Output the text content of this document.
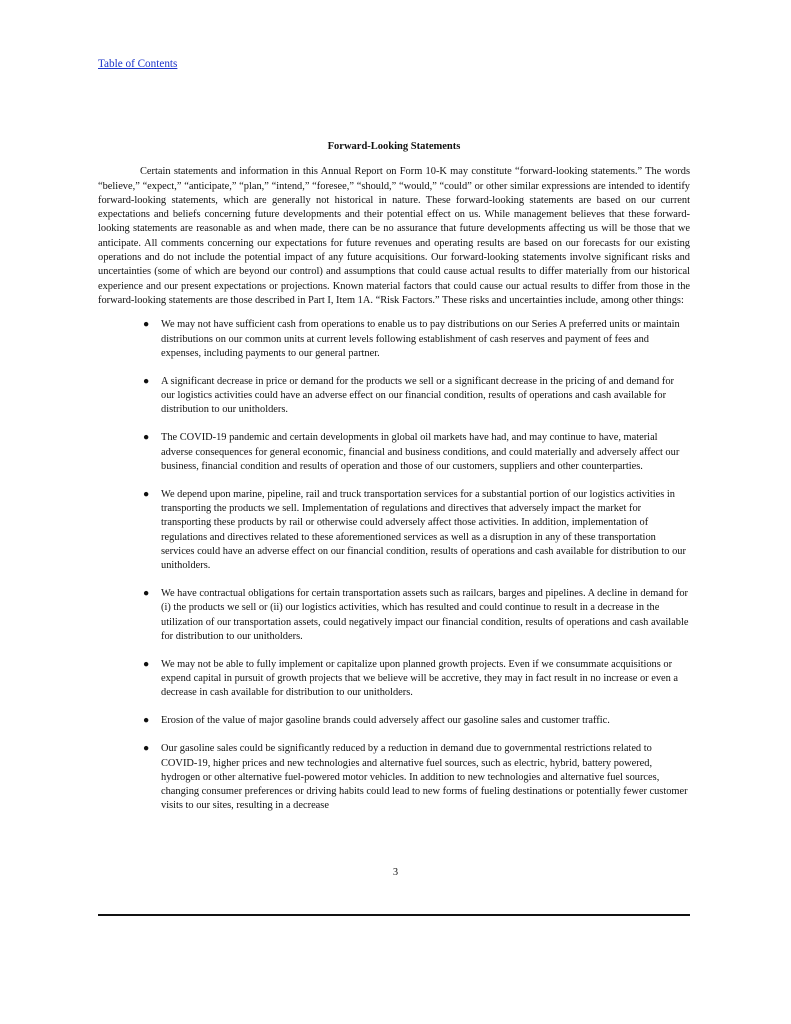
Table of Contents
Forward-Looking Statements

Certain statements and information in this Annual Report on Form 10-K may constitute “forward-looking statements.” The words “believe,” “expect,” “anticipate,” “plan,” “intend,” “foresee,” “should,” “would,” “could” or other similar expressions are intended to identify forward-looking statements, which are generally not historical in nature. These forward-looking statements are based on our current expectations and beliefs concerning future developments and their potential effect on us. While management believes that these forward-looking statements are reasonable as and when made, there can be no assurance that future developments affecting us will be those that we anticipate. All comments concerning our expectations for future revenues and operating results are based on our forecasts for our existing operations and do not include the potential impact of any future acquisitions. Our forward-looking statements involve significant risks and uncertainties (some of which are beyond our control) and assumptions that could cause actual results to differ materially from our historical experience and our present expectations or projections. Known material factors that could cause our actual results to differ from those in the forward-looking statements are those described in Part I, Item 1A. “Risk Factors.” These risks and uncertainties include, among other things:

● We may not have sufficient cash from operations to enable us to pay distributions on our Series A preferred units or maintain distributions on our common units at current levels following establishment of cash reserves and payment of fees and expenses, including payments to our general partner.
● A significant decrease in price or demand for the products we sell or a significant decrease in the pricing of and demand for our logistics activities could have an adverse effect on our financial condition, results of operations and cash available for distribution to our unitholders.
● The COVID-19 pandemic and certain developments in global oil markets have had, and may continue to have, material adverse consequences for general economic, financial and business conditions, and could materially and adversely affect our business, financial condition and results of operation and those of our customers, suppliers and other counterparties.
● We depend upon marine, pipeline, rail and truck transportation services for a substantial portion of our logistics activities in transporting the products we sell. Implementation of regulations and directives that adversely impact the market for transporting these products by rail or otherwise could adversely affect those activities. In addition, implementation of regulations and directives related to these aforementioned services as well as a disruption in any of these transportation services could have an adverse effect on our financial condition, results of operations and cash available for distribution to our unitholders.
● We have contractual obligations for certain transportation assets such as railcars, barges and pipelines. A decline in demand for (i) the products we sell or (ii) our logistics activities, which has resulted and could continue to result in a decrease in the utilization of our transportation assets, could negatively impact our financial condition, results of operations and cash available for distribution to our unitholders.
● We may not be able to fully implement or capitalize upon planned growth projects. Even if we consummate acquisitions or expend capital in pursuit of growth projects that we believe will be accretive, they may in fact result in no increase or even a decrease in cash available for distribution to our unitholders.
● Erosion of the value of major gasoline brands could adversely affect our gasoline sales and customer traffic.
● Our gasoline sales could be significantly reduced by a reduction in demand due to governmental restrictions related to COVID-19, higher prices and new technologies and alternative fuel sources, such as electric, hybrid, battery powered, hydrogen or other alternative fuel-powered motor vehicles. In addition to new technologies and alternative fuel sources, changing consumer preferences or driving habits could lead to new forms of fueling destinations or potentially fewer customer visits to our sites, resulting in a decrease
3
